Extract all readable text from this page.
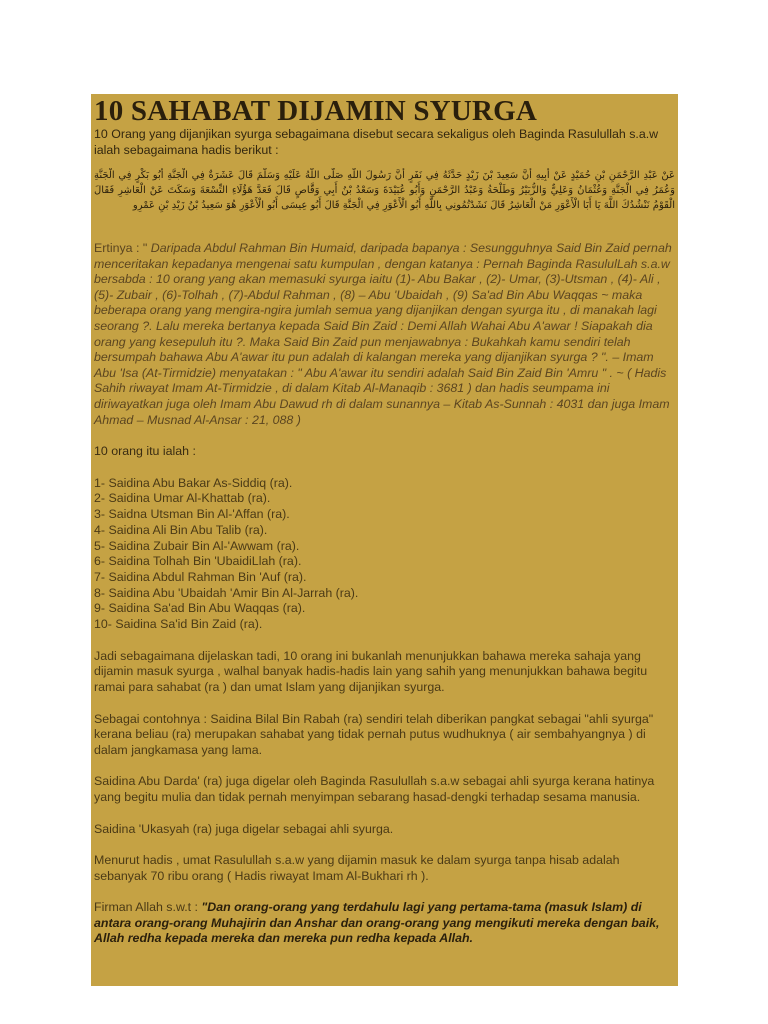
10 SAHABAT DIJAMIN SYURGA

10 Orang yang dijanjikan syurga sebagaimana disebut secara sekaligus oleh Baginda Rasulullah s.a.w ialah sebagaimana hadis berikut :

عَنْ عَبْدِ الرَّحْمَنِ بْنِ حُمَيْدٍ عَنْ أَبِيهِ أَنَّ سَعِيدَ بْنَ زَيْدٍ حَدَّثَهُ فِي نَفَرٍ أَنَّ رَسُولَ اللَّهِ صَلَّى اللَّهُ عَلَيْهِ وَسَلَّمَ قَالَ عَشَرَةٌ فِي الْجَنَّةِ أَبُو بَكْرٍ فِي الْجَنَّةِ وَعُمَرُ فِي الْجَنَّةِ وَعُثْمَانُ وَعَلِيٌّ وَالزُّبَيْرُ وَطَلْحَةُ وَعَبْدُ الرَّحْمَنِ وَأَبُو عُبَيْدَةَ وَسَعْدُ بْنُ أَبِي وَقَّاصٍ قَالَ فَعَدَّ هَؤُلَاءِ التِّسْعَةَ وَسَكَتَ عَنْ الْعَاشِرِ فَقَالَ الْقَوْمُ نَنْشُدُكَ اللَّهَ يَا أَبَا الْأَعْوَرِ مَنْ الْعَاشِرُ قَالَ نَشَدْتُمُونِي بِاللَّهِ أَبُو الْأَعْوَرِ فِي الْجَنَّةِ قَالَ أَبُو عِيسَى أَبُو الْأَعْوَرِ هُوَ سَعِيدُ بْنُ زَيْدِ بْنِ عَمْرِو

Ertinya : " Daripada Abdul Rahman Bin Humaid, daripada bapanya : Sesungguhnya Said Bin Zaid pernah menceritakan kepadanya mengenai satu kumpulan , dengan katanya : Pernah Baginda RasululLah s.a.w bersabda : 10 orang yang akan memasuki syurga iaitu (1)- Abu Bakar , (2)- Umar, (3)-Utsman , (4)- Ali , (5)- Zubair , (6)-Tolhah , (7)-Abdul Rahman , (8) – Abu 'Ubaidah , (9) Sa'ad Bin Abu Waqqas ~ maka beberapa orang yang mengira-ngira jumlah semua yang dijanjikan dengan syurga itu , di manakah lagi seorang ?. Lalu mereka bertanya kepada Said Bin Zaid : Demi Allah Wahai Abu A'awar ! Siapakah dia orang yang kesepuluh itu ?. Maka Said Bin Zaid pun menjawabnya : Bukahkah kamu sendiri telah bersumpah bahawa Abu A'awar itu pun adalah di kalangan mereka yang dijanjikan syurga ? ". – Imam Abu 'Isa (At-Tirmidzie) menyatakan : " Abu A'awar itu sendiri adalah Said Bin Zaid Bin 'Amru " . ~ ( Hadis Sahih riwayat Imam At-Tirmidzie , di dalam Kitab Al-Manaqib : 3681 ) dan hadis seumpama ini diriwayatkan juga oleh Imam Abu Dawud rh di dalam sunannya – Kitab As-Sunnah : 4031 dan juga Imam Ahmad – Musnad Al-Ansar : 21, 088 )

10 orang itu ialah :

1- Saidina Abu Bakar As-Siddiq (ra).
2- Saidina Umar Al-Khattab (ra).
3- Saidna Utsman Bin Al-'Affan (ra).
4- Saidina Ali Bin Abu Talib (ra).
5- Saidina Zubair Bin Al-'Awwam (ra).
6- Saidina Tolhah Bin 'UbaidiLlah (ra).
7- Saidina Abdul Rahman Bin 'Auf (ra).
8- Saidina Abu 'Ubaidah 'Amir Bin Al-Jarrah (ra).
9- Saidina Sa'ad Bin Abu Waqqas (ra).
10- Saidina Sa'id Bin Zaid (ra).

Jadi sebagaimana dijelaskan tadi, 10 orang ini bukanlah menunjukkan bahawa mereka sahaja yang dijamin masuk syurga , walhal banyak hadis-hadis lain yang sahih yang menunjukkan bahawa begitu ramai para sahabat (ra ) dan umat Islam yang dijanjikan syurga.

Sebagai contohnya : Saidina Bilal Bin Rabah (ra) sendiri telah diberikan pangkat sebagai "ahli syurga" kerana beliau (ra) merupakan sahabat yang tidak pernah putus wudhuknya ( air sembahyangnya ) di dalam jangkamasa yang lama.

Saidina Abu Darda' (ra) juga digelar oleh Baginda Rasulullah s.a.w sebagai ahli syurga kerana hatinya yang begitu mulia dan tidak pernah menyimpan sebarang hasad-dengki terhadap sesama manusia.

Saidina 'Ukasyah (ra) juga digelar sebagai ahli syurga.

Menurut hadis , umat Rasulullah s.a.w yang dijamin masuk ke dalam syurga tanpa hisab adalah sebanyak 70 ribu orang ( Hadis riwayat Imam Al-Bukhari rh ).

Firman Allah s.w.t : "Dan orang-orang yang terdahulu lagi yang pertama-tama (masuk Islam) di antara orang-orang Muhajirin dan Anshar dan orang-orang yang mengikuti mereka dengan baik, Allah redha kepada mereka dan mereka pun redha kepada Allah.
